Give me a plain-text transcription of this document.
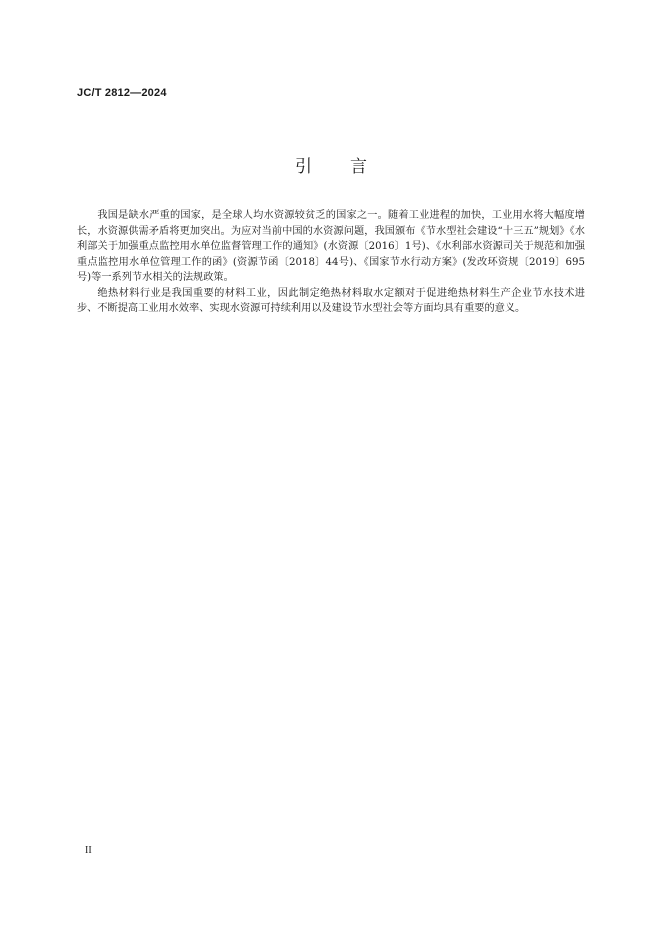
JC/T 2812—2024
引言

我国是缺水严重的国家，是全球人均水资源较贫乏的国家之一。随着工业进程的加快，工业用水将大幅度增长，水资源供需矛盾将更加突出。为应对当前中国的水资源问题，我国颁布《节水型社会建设“十三五”规划》《水利部关于加强重点监控用水单位监督管理工作的通知》(水资源〔2016〕1号)、《水利部水资源司关于规范和加强重点监控用水单位管理工作的函》(资源节函〔2018〕44号)、《国家节水行动方案》(发改环资规〔2019〕695号)等一系列节水相关的法规政策。

绝热材料行业是我国重要的材料工业，因此制定绝热材料取水定额对于促进绝热材料生产企业节水技术进步、不断提高工业用水效率、实现水资源可持续利用以及建设节水型社会等方面均具有重要的意义。

II
